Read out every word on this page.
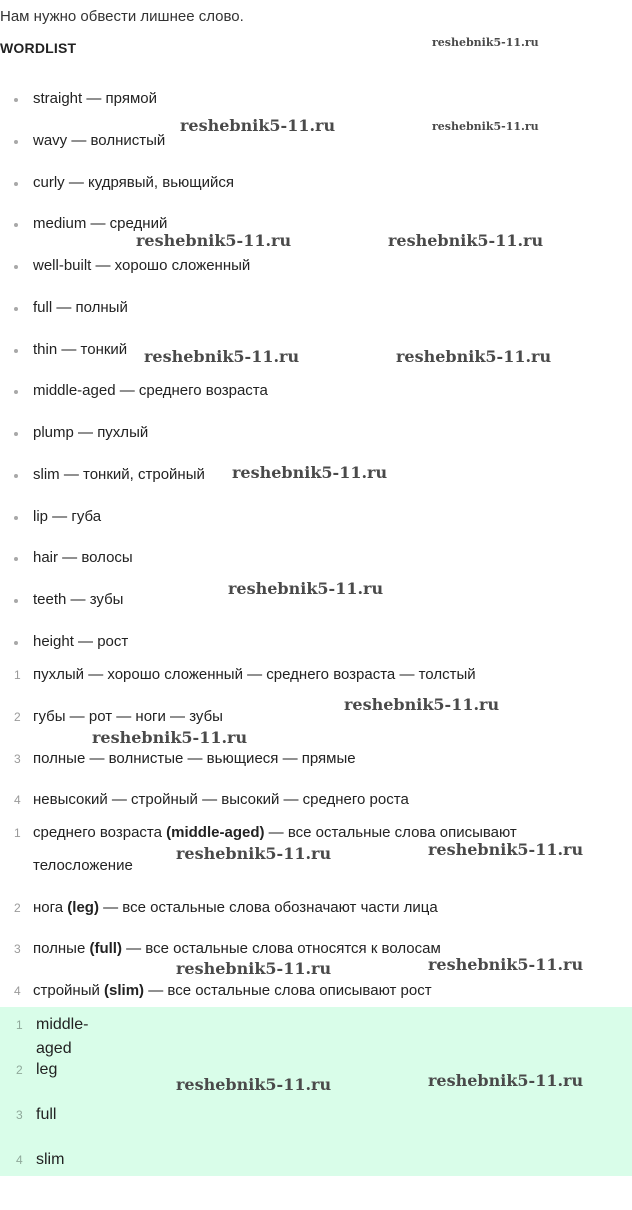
Нам нужно обвести лишнее слово.
WORDLIST
straight — прямой
wavy — волнистый
curly — кудрявый, вьющийся
medium — средний
well-built — хорошо сложенный
full — полный
thin — тонкий
middle-aged — среднего возраста
plump — пухлый
slim — тонкий, стройный
lip — губа
hair — волосы
teeth — зубы
height — рост
1 пухлый — хорошо сложенный — среднего возраста — толстый
2 губы — рот — ноги — зубы
3 полные — волнистые — вьющиеся — прямые
4 невысокий — стройный — высокий — среднего роста
1 среднего возраста (middle-aged) — все остальные слова описывают
телосложение
2 нога (leg) — все остальные слова обозначают части лица
3 полные (full) — все остальные слова относятся к волосам
4 стройный (slim) — все остальные слова описывают рост
1 middle-aged
2 leg
3 full
4 slim
reshebnik5-11.ru
reshebnik5-11.ru	reshebnik5-11.ru
reshebnik5-11.ru	reshebnik5-11.ru
reshebnik5-11.ru	reshebnik5-11.ru
reshebnik5-11.ru
reshebnik5-11.ru
reshebnik5-11.ru
reshebnik5-11.ru
reshebnik5-11.ru	reshebnik5-11.ru
reshebnik5-11.ru	reshebnik5-11.ru
reshebnik5-11.ru	reshebnik5-11.ru
